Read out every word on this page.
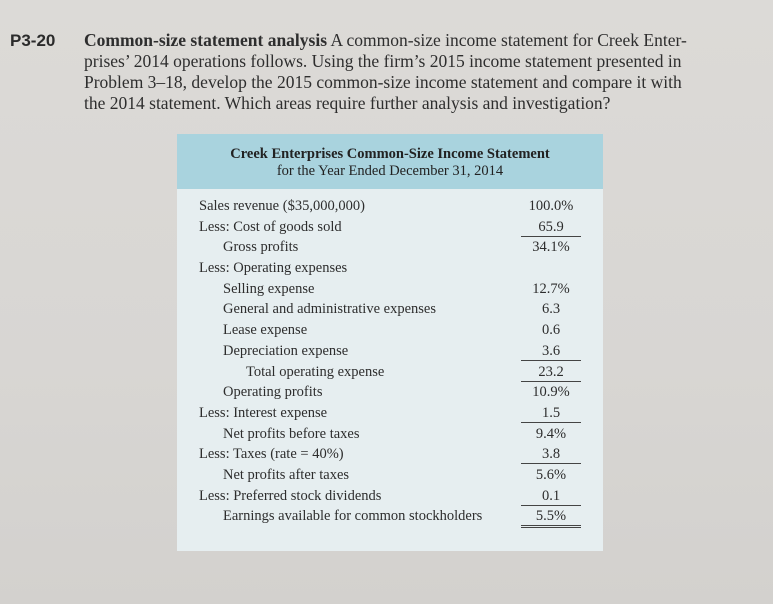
P3-20 Common-size statement analysis A common-size income statement for Creek Enter-
prises’ 2014 operations follows. Using the firm’s 2015 income statement presented in
Problem 3–18, develop the 2015 common-size income statement and compare it with
the 2014 statement. Which areas require further analysis and investigation?
Creek Enterprises Common-Size Income Statement
for the Year Ended December 31, 2014
Sales revenue ($35,000,000)	100.0%
Less: Cost of goods sold	65.9
Gross profits	34.1%
Less: Operating expenses
Selling expense	12.7%
General and administrative expenses	6.3
Lease expense	0.6
Depreciation expense	3.6
Total operating expense	23.2
Operating profits	10.9%
Less: Interest expense	1.5
Net profits before taxes	9.4%
Less: Taxes (rate = 40%)	3.8
Net profits after taxes	5.6%
Less: Preferred stock dividends	0.1
Earnings available for common stockholders	5.5%
